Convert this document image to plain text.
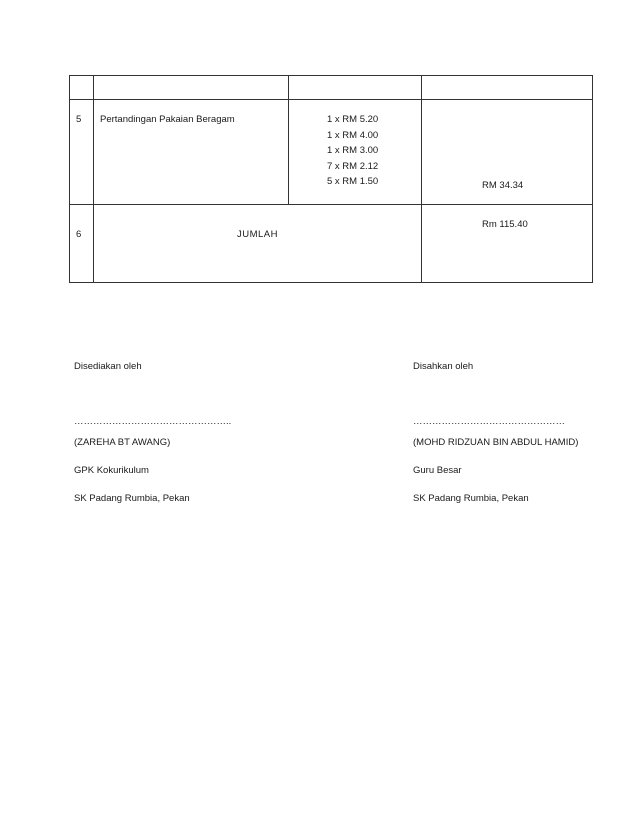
5	Pertandingan Pakaian Beragam	1 x RM 5.20
1 x RM 4.00
1 x RM 3.00
7 x RM 2.12
5 x RM 1.50	RM 34.34

6	JUMLAH		Rm 115.40
Disediakan oleh
…………………………………………..
(ZAREHA BT AWANG)
GPK Kokurikulum
SK Padang Rumbia, Pekan
Disahkan oleh
…………………………………………
(MOHD RIDZUAN BIN ABDUL HAMID)
Guru Besar
SK Padang Rumbia, Pekan
